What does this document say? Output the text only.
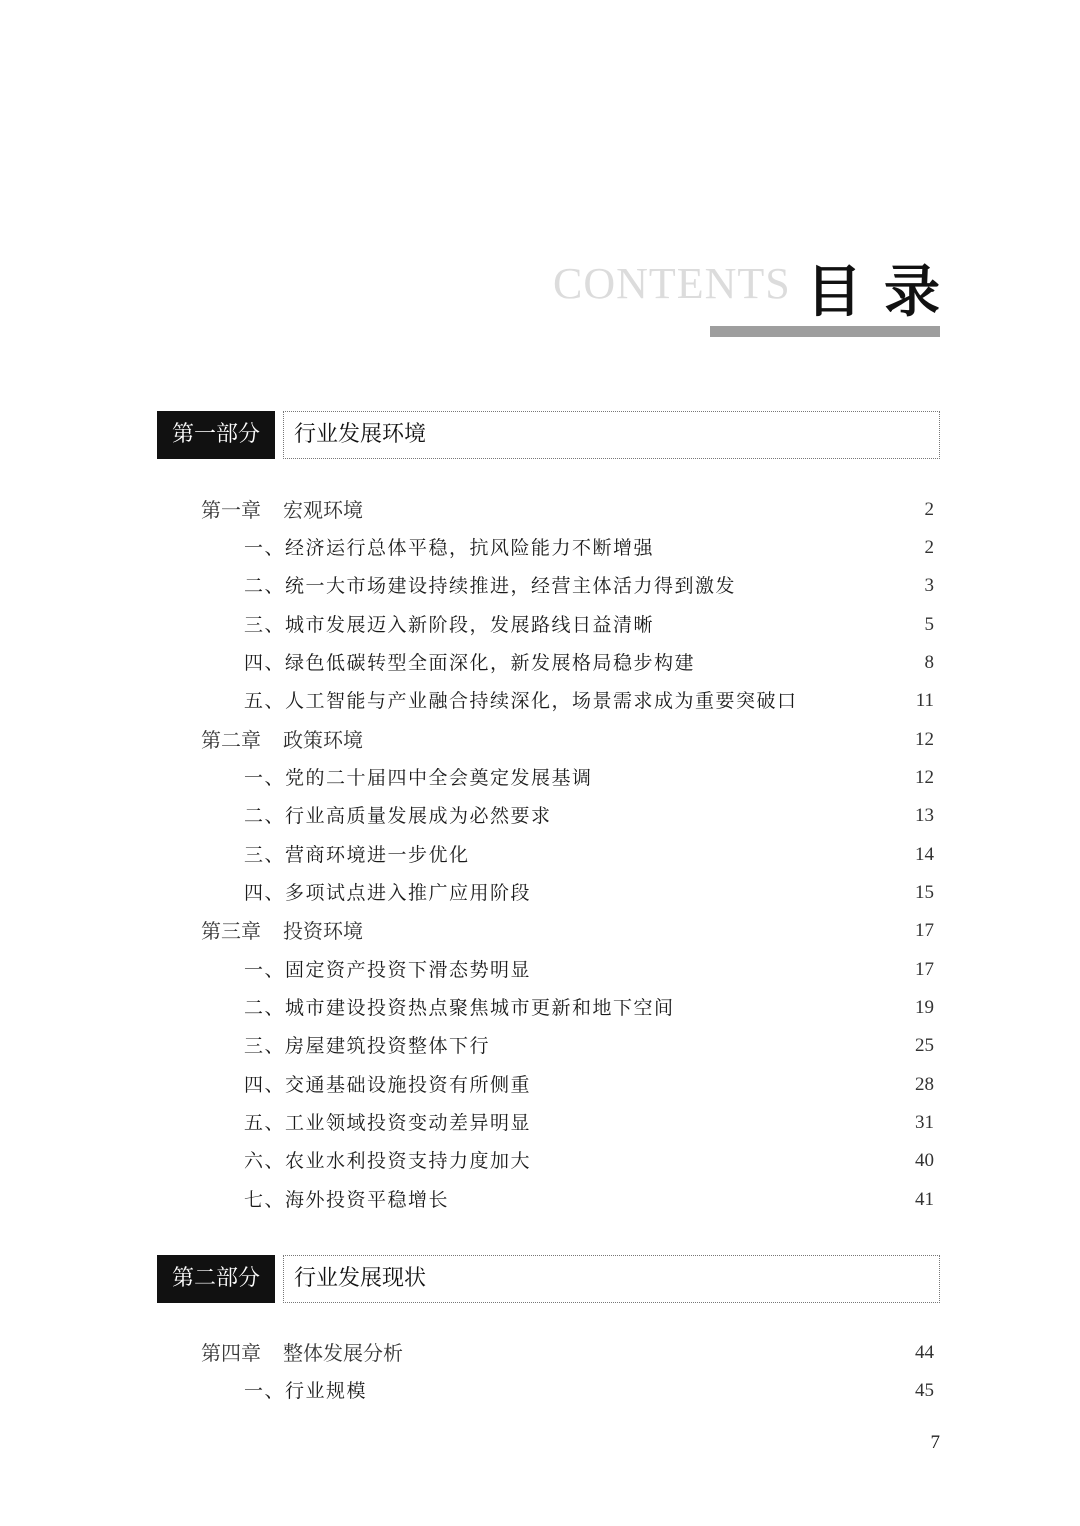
CONTENTS 目录
第一部分	行业发展环境
第一章 宏观环境	2
一、经济运行总体平稳，抗风险能力不断增强	2
二、统一大市场建设持续推进，经营主体活力得到激发	3
三、城市发展迈入新阶段，发展路线日益清晰	5
四、绿色低碳转型全面深化，新发展格局稳步构建	8
五、人工智能与产业融合持续深化，场景需求成为重要突破口	11
第二章 政策环境	12
一、党的二十届四中全会奠定发展基调	12
二、行业高质量发展成为必然要求	13
三、营商环境进一步优化	14
四、多项试点进入推广应用阶段	15
第三章 投资环境	17
一、固定资产投资下滑态势明显	17
二、城市建设投资热点聚焦城市更新和地下空间	19
三、房屋建筑投资整体下行	25
四、交通基础设施投资有所侧重	28
五、工业领域投资变动差异明显	31
六、农业水利投资支持力度加大	40
七、海外投资平稳增长	41
第二部分	行业发展现状
第四章 整体发展分析	44
一、行业规模	45
7
